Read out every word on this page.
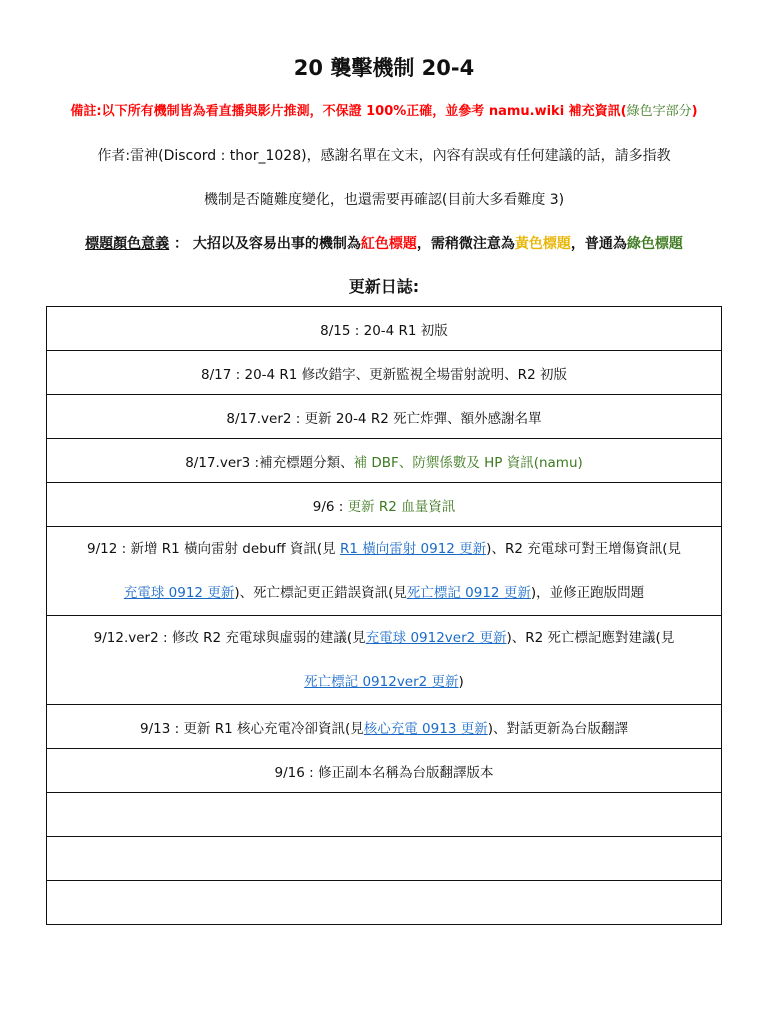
20 襲擊機制 20-4

備註:以下所有機制皆為看直播與影片推測，不保證 100%正確，並參考 namu.wiki 補充資訊(綠色字部分)

作者:雷神(Discord : thor_1028)，感謝名單在文末，內容有誤或有任何建議的話，請多指教

機制是否隨難度變化，也還需要再確認(目前大多看難度 3)

標題顏色意義 ： 大招以及容易出事的機制為紅色標題，需稍微注意為黃色標題，普通為綠色標題

更新日誌:
8/15 : 20-4 R1 初版
8/17 : 20-4 R1 修改錯字、更新監視全場雷射說明、R2 初版
8/17.ver2 : 更新 20-4 R2 死亡炸彈、額外感謝名單
8/17.ver3 :補充標題分類、補 DBF、防禦係數及 HP 資訊(namu)
9/6 : 更新 R2 血量資訊
9/12 : 新增 R1 橫向雷射 debuff 資訊(見 R1 橫向雷射 0912 更新)、R2 充電球可對王增傷資訊(見
充電球 0912 更新)、死亡標記更正錯誤資訊(見死亡標記 0912 更新)，並修正跑版問題
9/12.ver2 : 修改 R2 充電球與虛弱的建議(見充電球 0912ver2 更新)、R2 死亡標記應對建議(見
死亡標記 0912ver2 更新)
9/13 : 更新 R1 核心充電冷卻資訊(見核心充電 0913 更新)、對話更新為台版翻譯
9/16 : 修正副本名稱為台版翻譯版本
